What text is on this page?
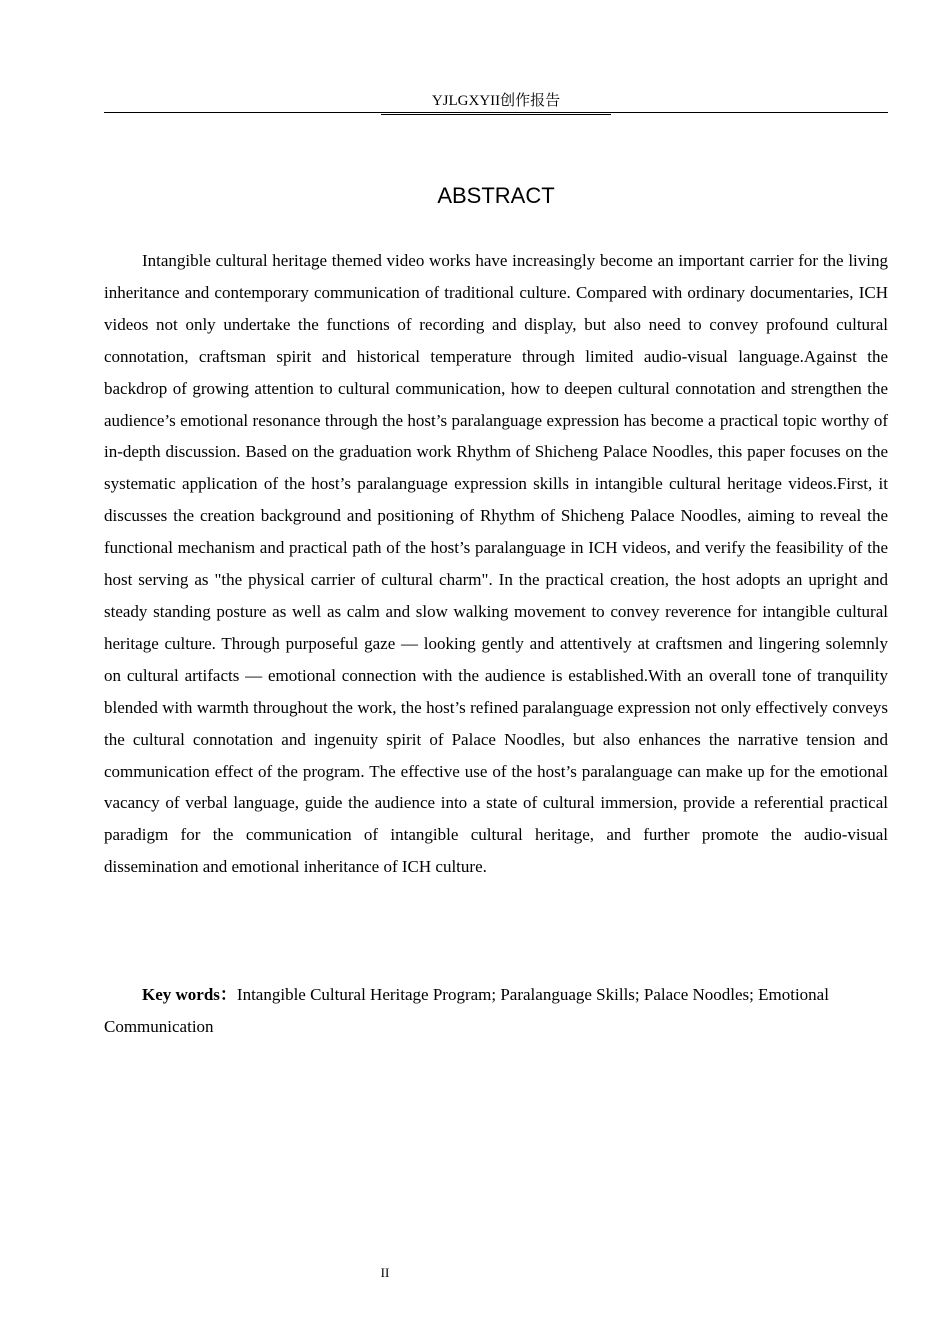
YJLGXYII创作报告
ABSTRACT

Intangible cultural heritage themed video works have increasingly become an important carrier for the living inheritance and contemporary communication of traditional culture. Compared with ordinary documentaries, ICH videos not only undertake the functions of recording and display, but also need to convey profound cultural connotation, craftsman spirit and historical temperature through limited audio-visual language.Against the backdrop of growing attention to cultural communication, how to deepen cultural connotation and strengthen the audience’s emotional resonance through the host’s paralanguage expression has become a practical topic worthy of in-depth discussion. Based on the graduation work Rhythm of Shicheng Palace Noodles, this paper focuses on the systematic application of the host’s paralanguage expression skills in intangible cultural heritage videos.First, it discusses the creation background and positioning of Rhythm of Shicheng Palace Noodles, aiming to reveal the functional mechanism and practical path of the host’s paralanguage in ICH videos, and verify the feasibility of the host serving as "the physical carrier of cultural charm". In the practical creation, the host adopts an upright and steady standing posture as well as calm and slow walking movement to convey reverence for intangible cultural heritage culture. Through purposeful gaze — looking gently and attentively at craftsmen and lingering solemnly on cultural artifacts — emotional connection with the audience is established.With an overall tone of tranquility blended with warmth throughout the work, the host’s refined paralanguage expression not only effectively conveys the cultural connotation and ingenuity spirit of Palace Noodles, but also enhances the narrative tension and communication effect of the program. The effective use of the host’s paralanguage can make up for the emotional vacancy of verbal language, guide the audience into a state of cultural immersion, provide a referential practical paradigm for the communication of intangible cultural heritage, and further promote the audio-visual dissemination and emotional inheritance of ICH culture.

Key words：Intangible Cultural Heritage Program; Paralanguage Skills; Palace Noodles; Emotional Communication

II
